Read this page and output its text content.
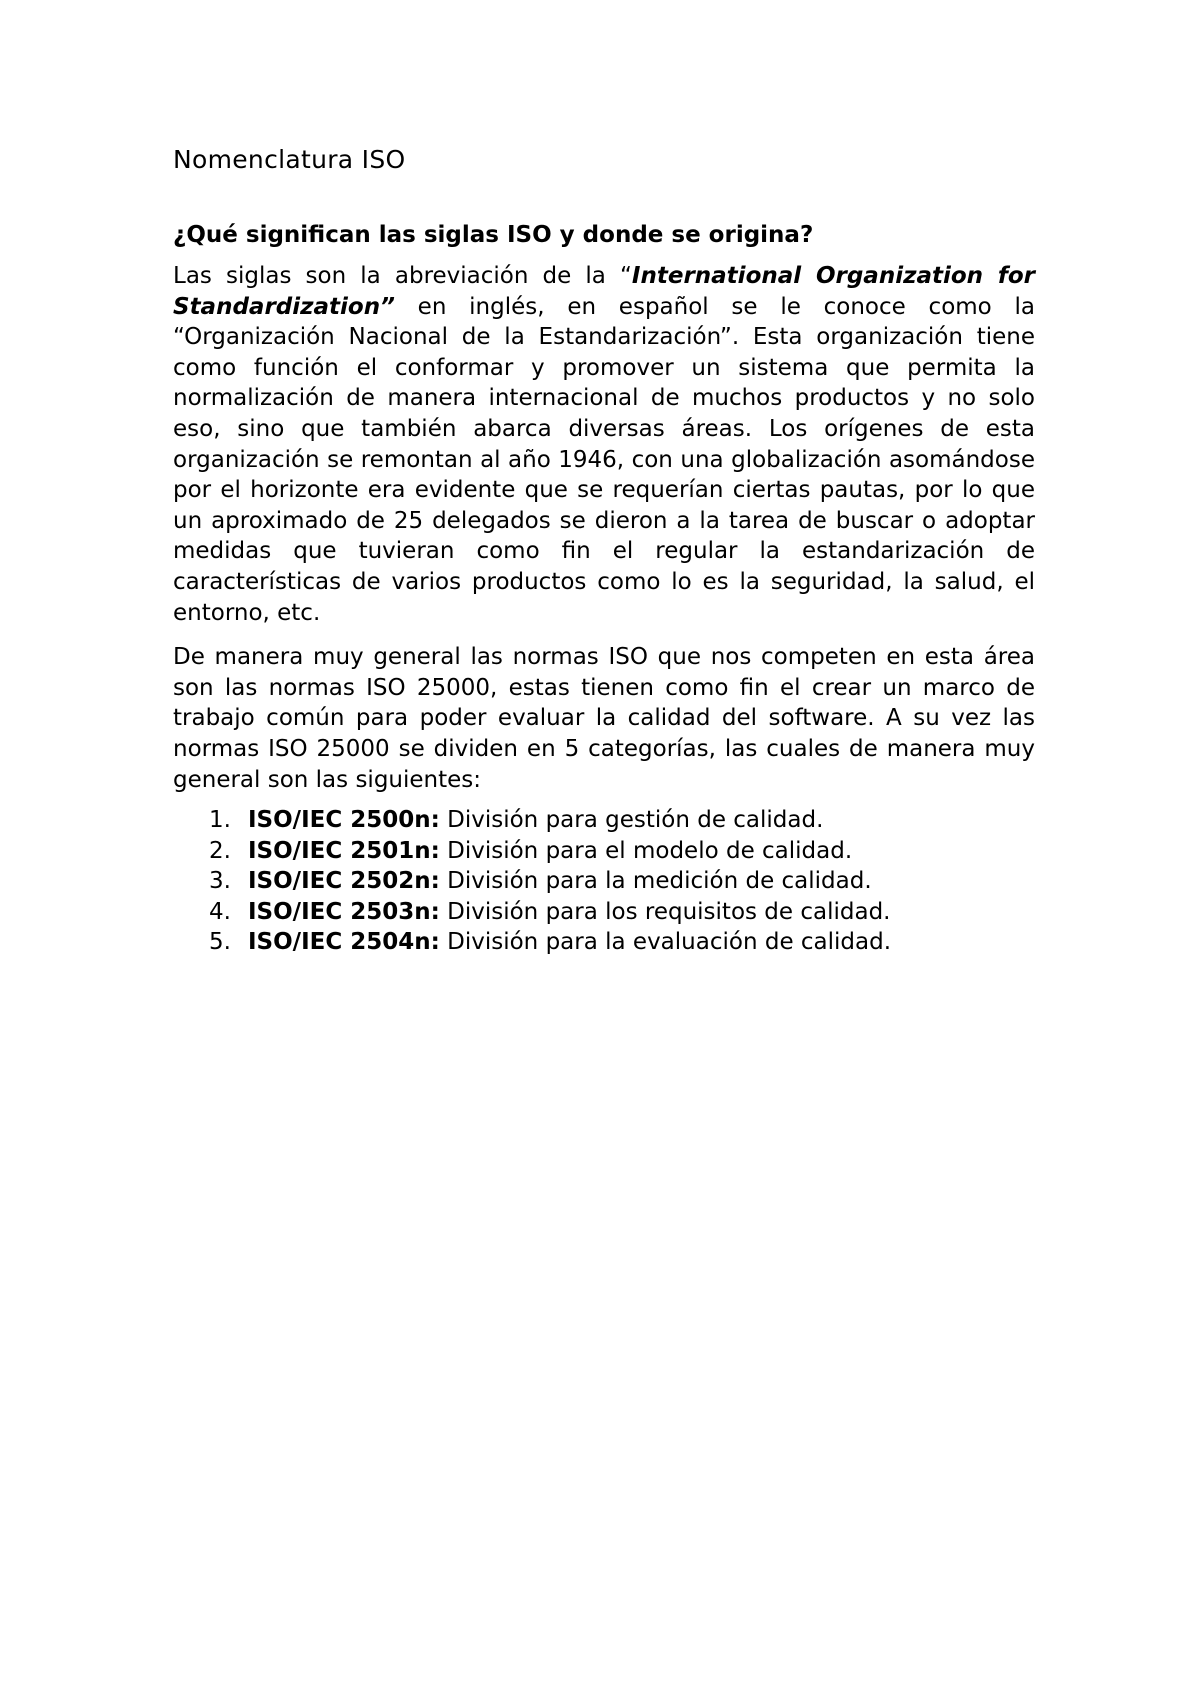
Nomenclatura ISO
¿Qué significan las siglas ISO y donde se origina?

Las siglas son la abreviación de la “International Organization for Standardization” en inglés, en español se le conoce como la “Organización Nacional de la Estandarización”. Esta organización tiene como función el conformar y promover un sistema que permita la normalización de manera internacional de muchos productos y no solo eso, sino que también abarca diversas áreas. Los orígenes de esta organización se remontan al año 1946, con una globalización asomándose por el horizonte era evidente que se requerían ciertas pautas, por lo que un aproximado de 25 delegados se dieron a la tarea de buscar o adoptar medidas que tuvieran como fin el regular la estandarización de características de varios productos como lo es la seguridad, la salud, el entorno, etc.

De manera muy general las normas ISO que nos competen en esta área son las normas ISO 25000, estas tienen como fin el crear un marco de trabajo común para poder evaluar la calidad del software. A su vez las normas ISO 25000 se dividen en 5 categorías, las cuales de manera muy general son las siguientes:

1. ISO/IEC 2500n: División para gestión de calidad.
2. ISO/IEC 2501n: División para el modelo de calidad.
3. ISO/IEC 2502n: División para la medición de calidad.
4. ISO/IEC 2503n: División para los requisitos de calidad.
5. ISO/IEC 2504n: División para la evaluación de calidad.
